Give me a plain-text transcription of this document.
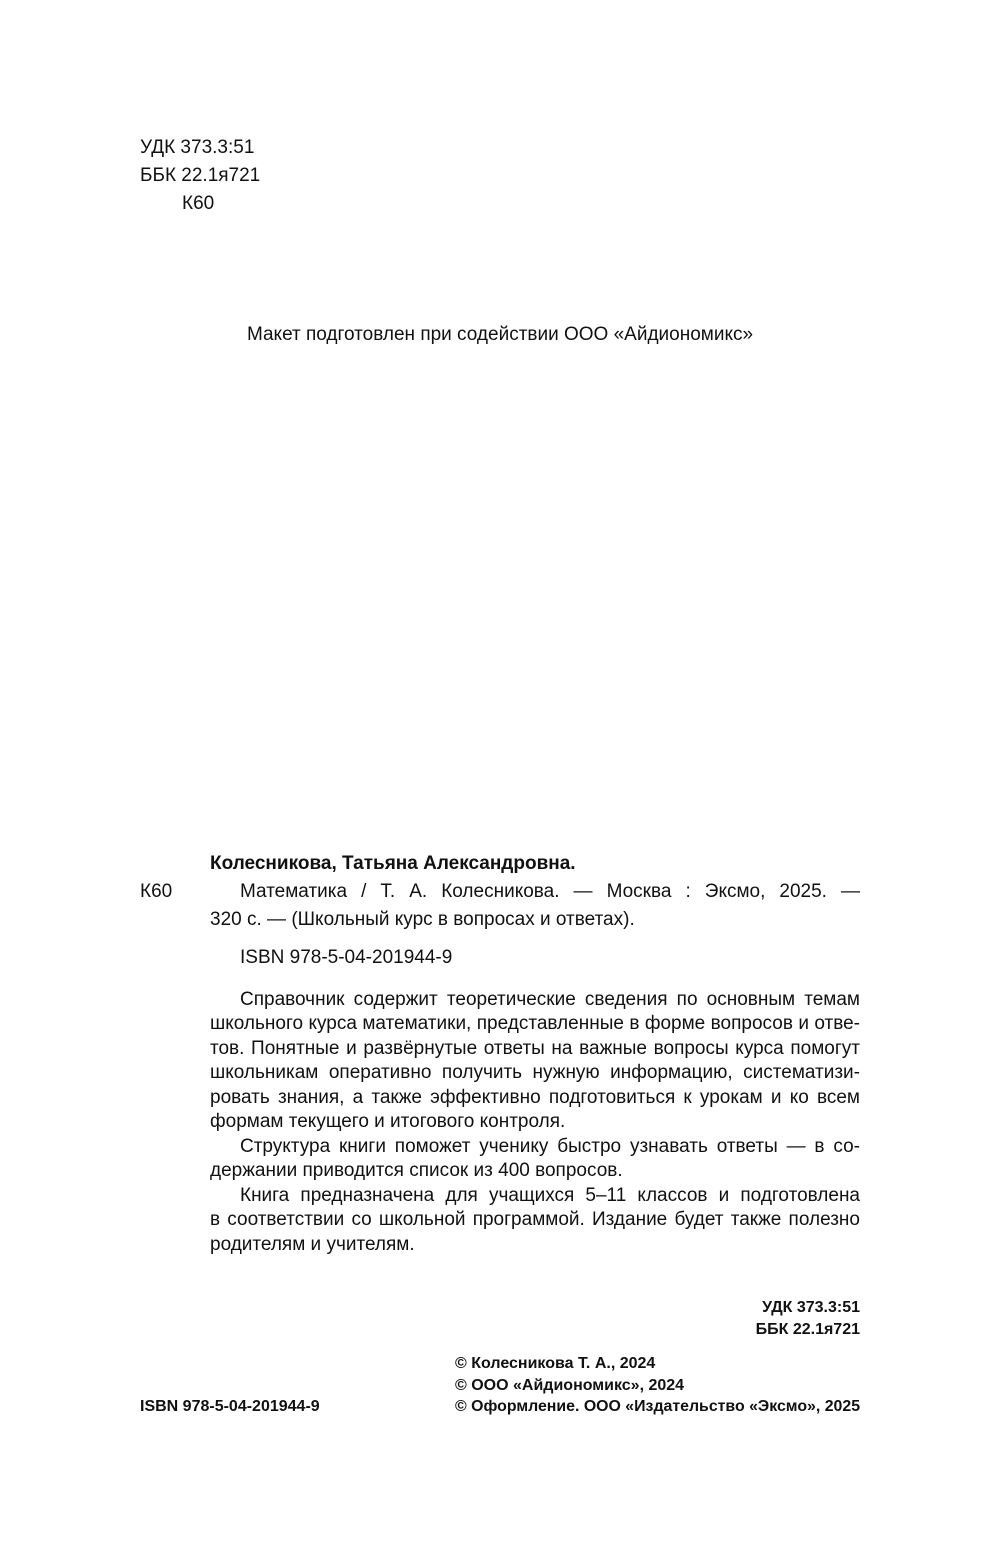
УДК 373.3:51
ББК 22.1я721
К60
Макет подготовлен при содействии ООО «Айдиономикс»
Колесникова, Татьяна Александровна.
К60	Математика / Т. А. Колесникова. — Москва : Эксмо, 2025. —
320 с. — (Школьный курс в вопросах и ответах).
ISBN 978-5-04-201944-9
Справочник содержит теоретические сведения по основным темам
школьного курса математики, представленные в форме вопросов и отве-
тов. Понятные и развёрнутые ответы на важные вопросы курса помогут
школьникам оперативно получить нужную информацию, систематизи-
ровать знания, а также эффективно подготовиться к урокам и ко всем
формам текущего и итогового контроля.
Структура книги поможет ученику быстро узнавать ответы — в со-
держании приводится список из 400 вопросов.
Книга предназначена для учащихся 5–11 классов и подготовлена
в соответствии со школьной программой. Издание будет также полезно
родителям и учителям.
УДК 373.3:51
ББК 22.1я721
© Колесникова Т. А., 2024
© ООО «Айдиономикс», 2024
© Оформление. ООО «Издательство «Эксмо», 2025
ISBN 978-5-04-201944-9
